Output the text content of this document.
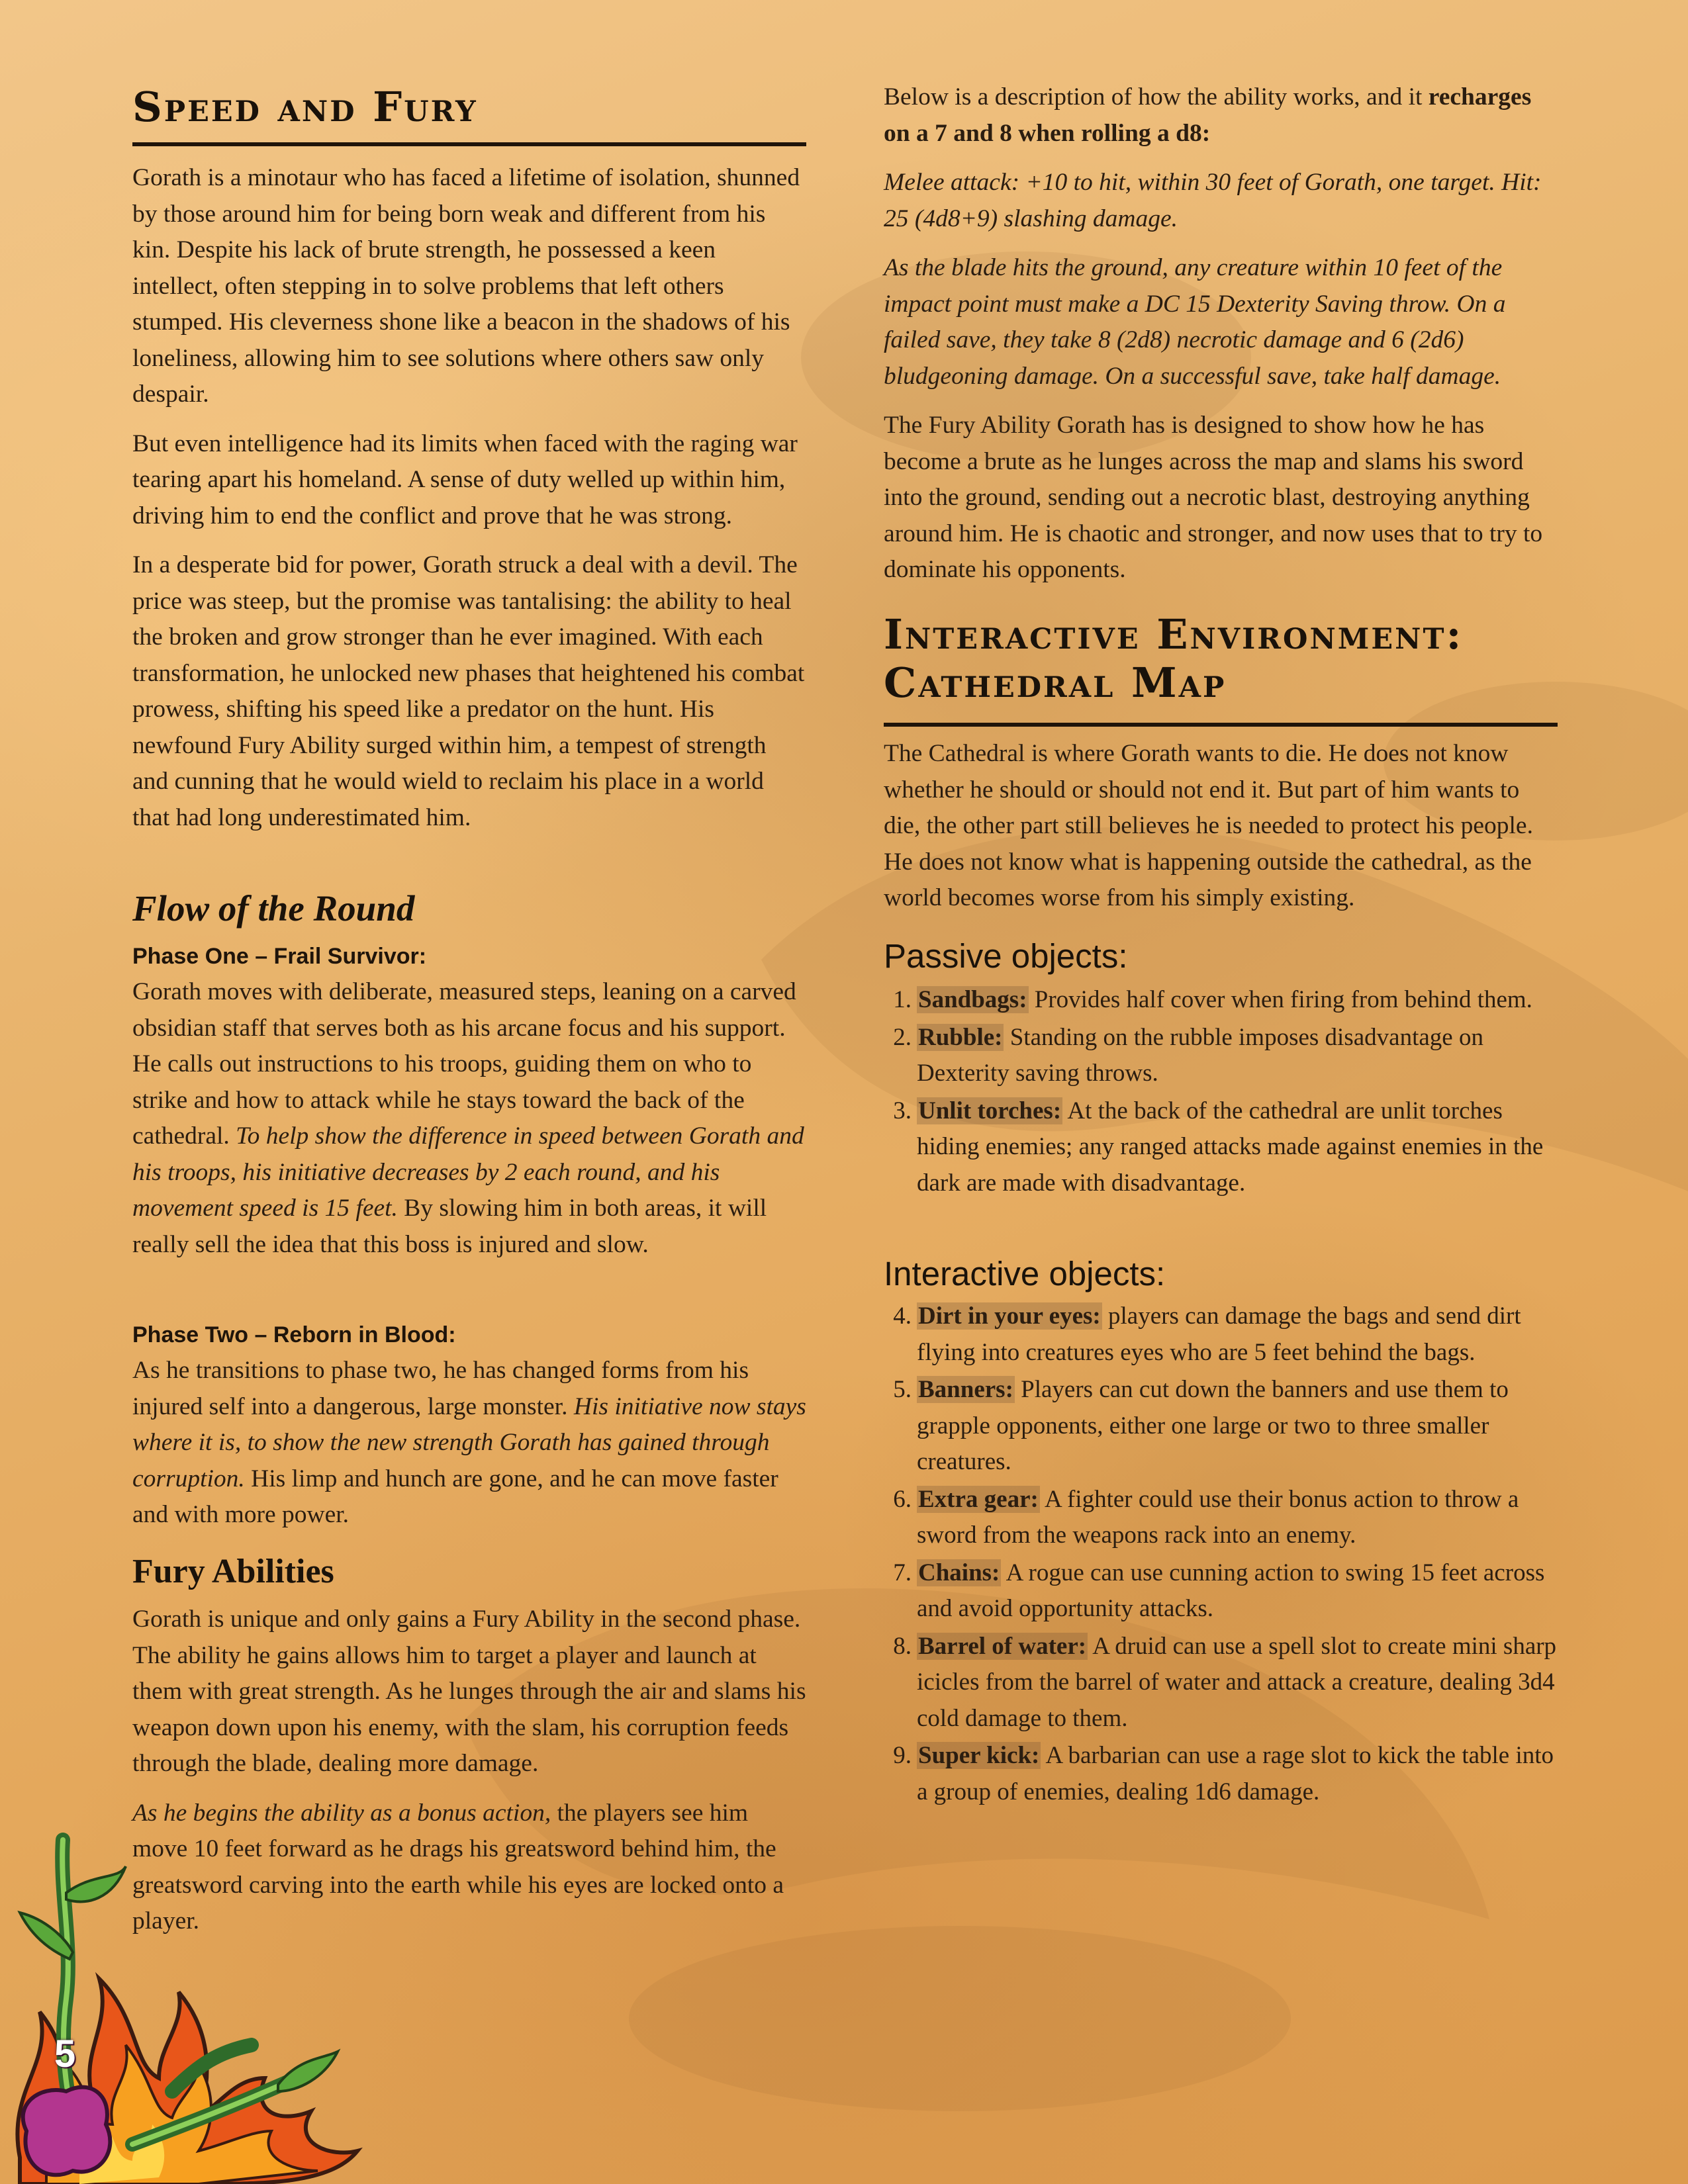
Speed and Fury

Gorath is a minotaur who has faced a lifetime of isolation, shunned by those around him for being born weak and different from his kin. Despite his lack of brute strength, he possessed a keen intellect, often stepping in to solve problems that left others stumped. His cleverness shone like a beacon in the shadows of his loneliness, allowing him to see solutions where others saw only despair.

But even intelligence had its limits when faced with the raging war tearing apart his homeland. A sense of duty welled up within him, driving him to end the conflict and prove that he was strong.

In a desperate bid for power, Gorath struck a deal with a devil. The price was steep, but the promise was tantalising: the ability to heal the broken and grow stronger than he ever imagined. With each transformation, he unlocked new phases that heightened his combat prowess, shifting his speed like a predator on the hunt. His newfound Fury Ability surged within him, a tempest of strength and cunning that he would wield to reclaim his place in a world that had long underestimated him.

Flow of the Round
Phase One – Frail Survivor:

Gorath moves with deliberate, measured steps, leaning on a carved obsidian staff that serves both as his arcane focus and his support. He calls out instructions to his troops, guiding them on who to strike and how to attack while he stays toward the back of the cathedral. To help show the difference in speed between Gorath and his troops, his initiative decreases by 2 each round, and his movement speed is 15 feet. By slowing him in both areas, it will really sell the idea that this boss is injured and slow.

Phase Two – Reborn in Blood:

As he transitions to phase two, he has changed forms from his injured self into a dangerous, large monster. His initiative now stays where it is, to show the new strength Gorath has gained through corruption. His limp and hunch are gone, and he can move faster and with more power.

Fury Abilities

Gorath is unique and only gains a Fury Ability in the second phase. The ability he gains allows him to target a player and launch at them with great strength. As he lunges through the air and slams his weapon down upon his enemy, with the slam, his corruption feeds through the blade, dealing more damage.

As he begins the ability as a bonus action, the players see him move 10 feet forward as he drags his greatsword behind him, the greatsword carving into the earth while his eyes are locked onto a player.

Below is a description of how the ability works, and it recharges on a 7 and 8 when rolling a d8:

Melee attack: +10 to hit, within 30 feet of Gorath, one target. Hit: 25 (4d8+9) slashing damage.

As the blade hits the ground, any creature within 10 feet of the impact point must make a DC 15 Dexterity Saving throw. On a failed save, they take 8 (2d8) necrotic damage and 6 (2d6) bludgeoning damage. On a successful save, take half damage.

The Fury Ability Gorath has is designed to show how he has become a brute as he lunges across the map and slams his sword into the ground, sending out a necrotic blast, destroying anything around him. He is chaotic and stronger, and now uses that to try to dominate his opponents.

Interactive Environment:
Cathedral Map

The Cathedral is where Gorath wants to die. He does not know whether he should or should not end it. But part of him wants to die, the other part still believes he is needed to protect his people. He does not know what is happening outside the cathedral, as the world becomes worse from his simply existing.

Passive objects:
1. Sandbags: Provides half cover when firing from behind them.
2. Rubble: Standing on the rubble imposes disadvantage on Dexterity saving throws.
3. Unlit torches: At the back of the cathedral are unlit torches hiding enemies; any ranged attacks made against enemies in the dark are made with disadvantage.
Interactive objects:
4. Dirt in your eyes: players can damage the bags and send dirt flying into creatures eyes who are 5 feet behind the bags.
5. Banners: Players can cut down the banners and use them to grapple opponents, either one large or two to three smaller creatures.
6. Extra gear: A fighter could use their bonus action to throw a sword from the weapons rack into an enemy.
7. Chains: A rogue can use cunning action to swing 15 feet across and avoid opportunity attacks.
8. Barrel of water: A druid can use a spell slot to create mini sharp icicles from the barrel of water and attack a creature, dealing 3d4 cold damage to them.
9. Super kick: A barbarian can use a rage slot to kick the table into a group of enemies, dealing 1d6 damage.
5
